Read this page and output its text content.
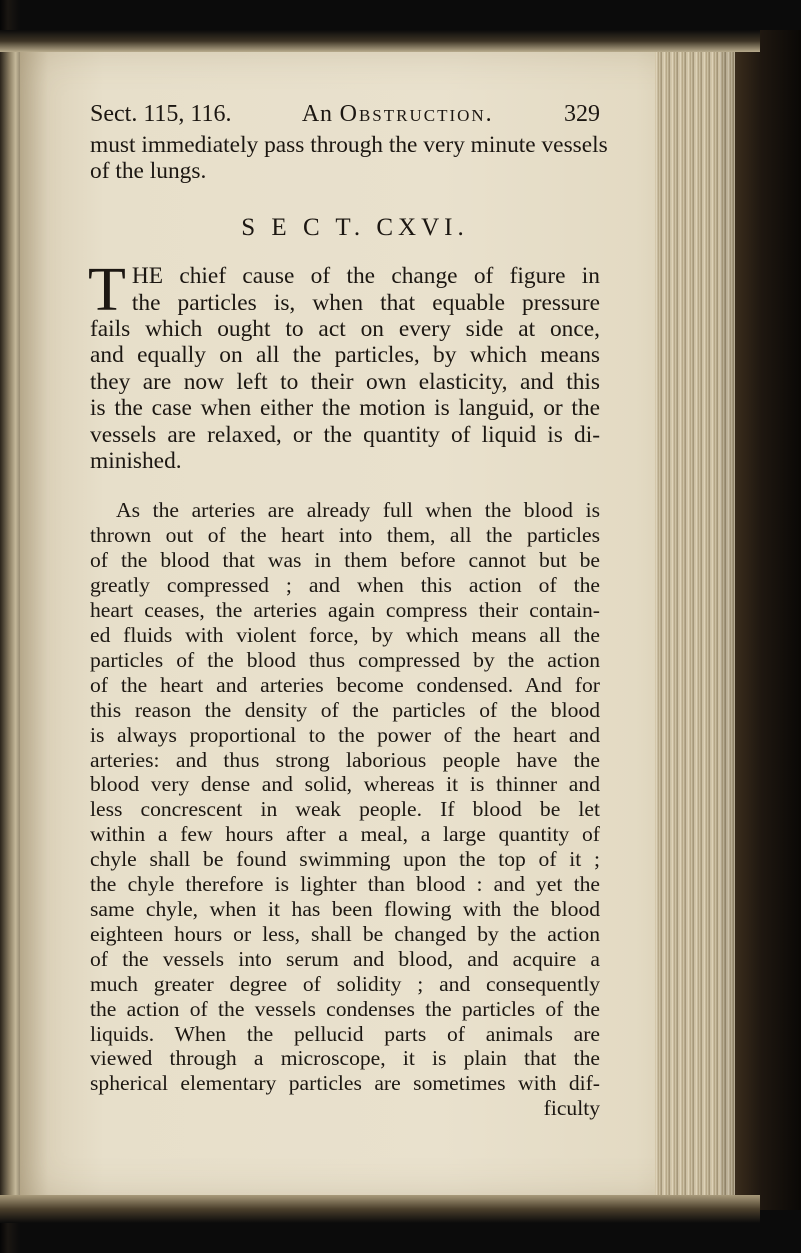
Sect. 115, 116.	An Obstruction.	329
must immediately pass through the very minute vessels
of the lungs.
S E C T. CXVI.
T HE chief cause of the change of figure in
the particles is, when that equable pressure
fails which ought to act on every side at once,
and equally on all the particles, by which means
they are now left to their own elasticity, and this
is the case when either the motion is languid, or the
vessels are relaxed, or the quantity of liquid is di-
minished.
As the arteries are already full when the blood is
thrown out of the heart into them, all the particles
of the blood that was in them before cannot but be
greatly compressed ; and when this action of the
heart ceases, the arteries again compress their contain-
ed fluids with violent force, by which means all the
particles of the blood thus compressed by the action
of the heart and arteries become condensed. And for
this reason the density of the particles of the blood
is always proportional to the power of the heart and
arteries: and thus strong laborious people have the
blood very dense and solid, whereas it is thinner and
less concrescent in weak people. If blood be let
within a few hours after a meal, a large quantity of
chyle shall be found swimming upon the top of it ;
the chyle therefore is lighter than blood : and yet the
same chyle, when it has been flowing with the blood
eighteen hours or less, shall be changed by the action
of the vessels into serum and blood, and acquire a
much greater degree of solidity ; and consequently
the action of the vessels condenses the particles of the
liquids. When the pellucid parts of animals are
viewed through a microscope, it is plain that the
spherical elementary particles are sometimes with dif-
ficulty
